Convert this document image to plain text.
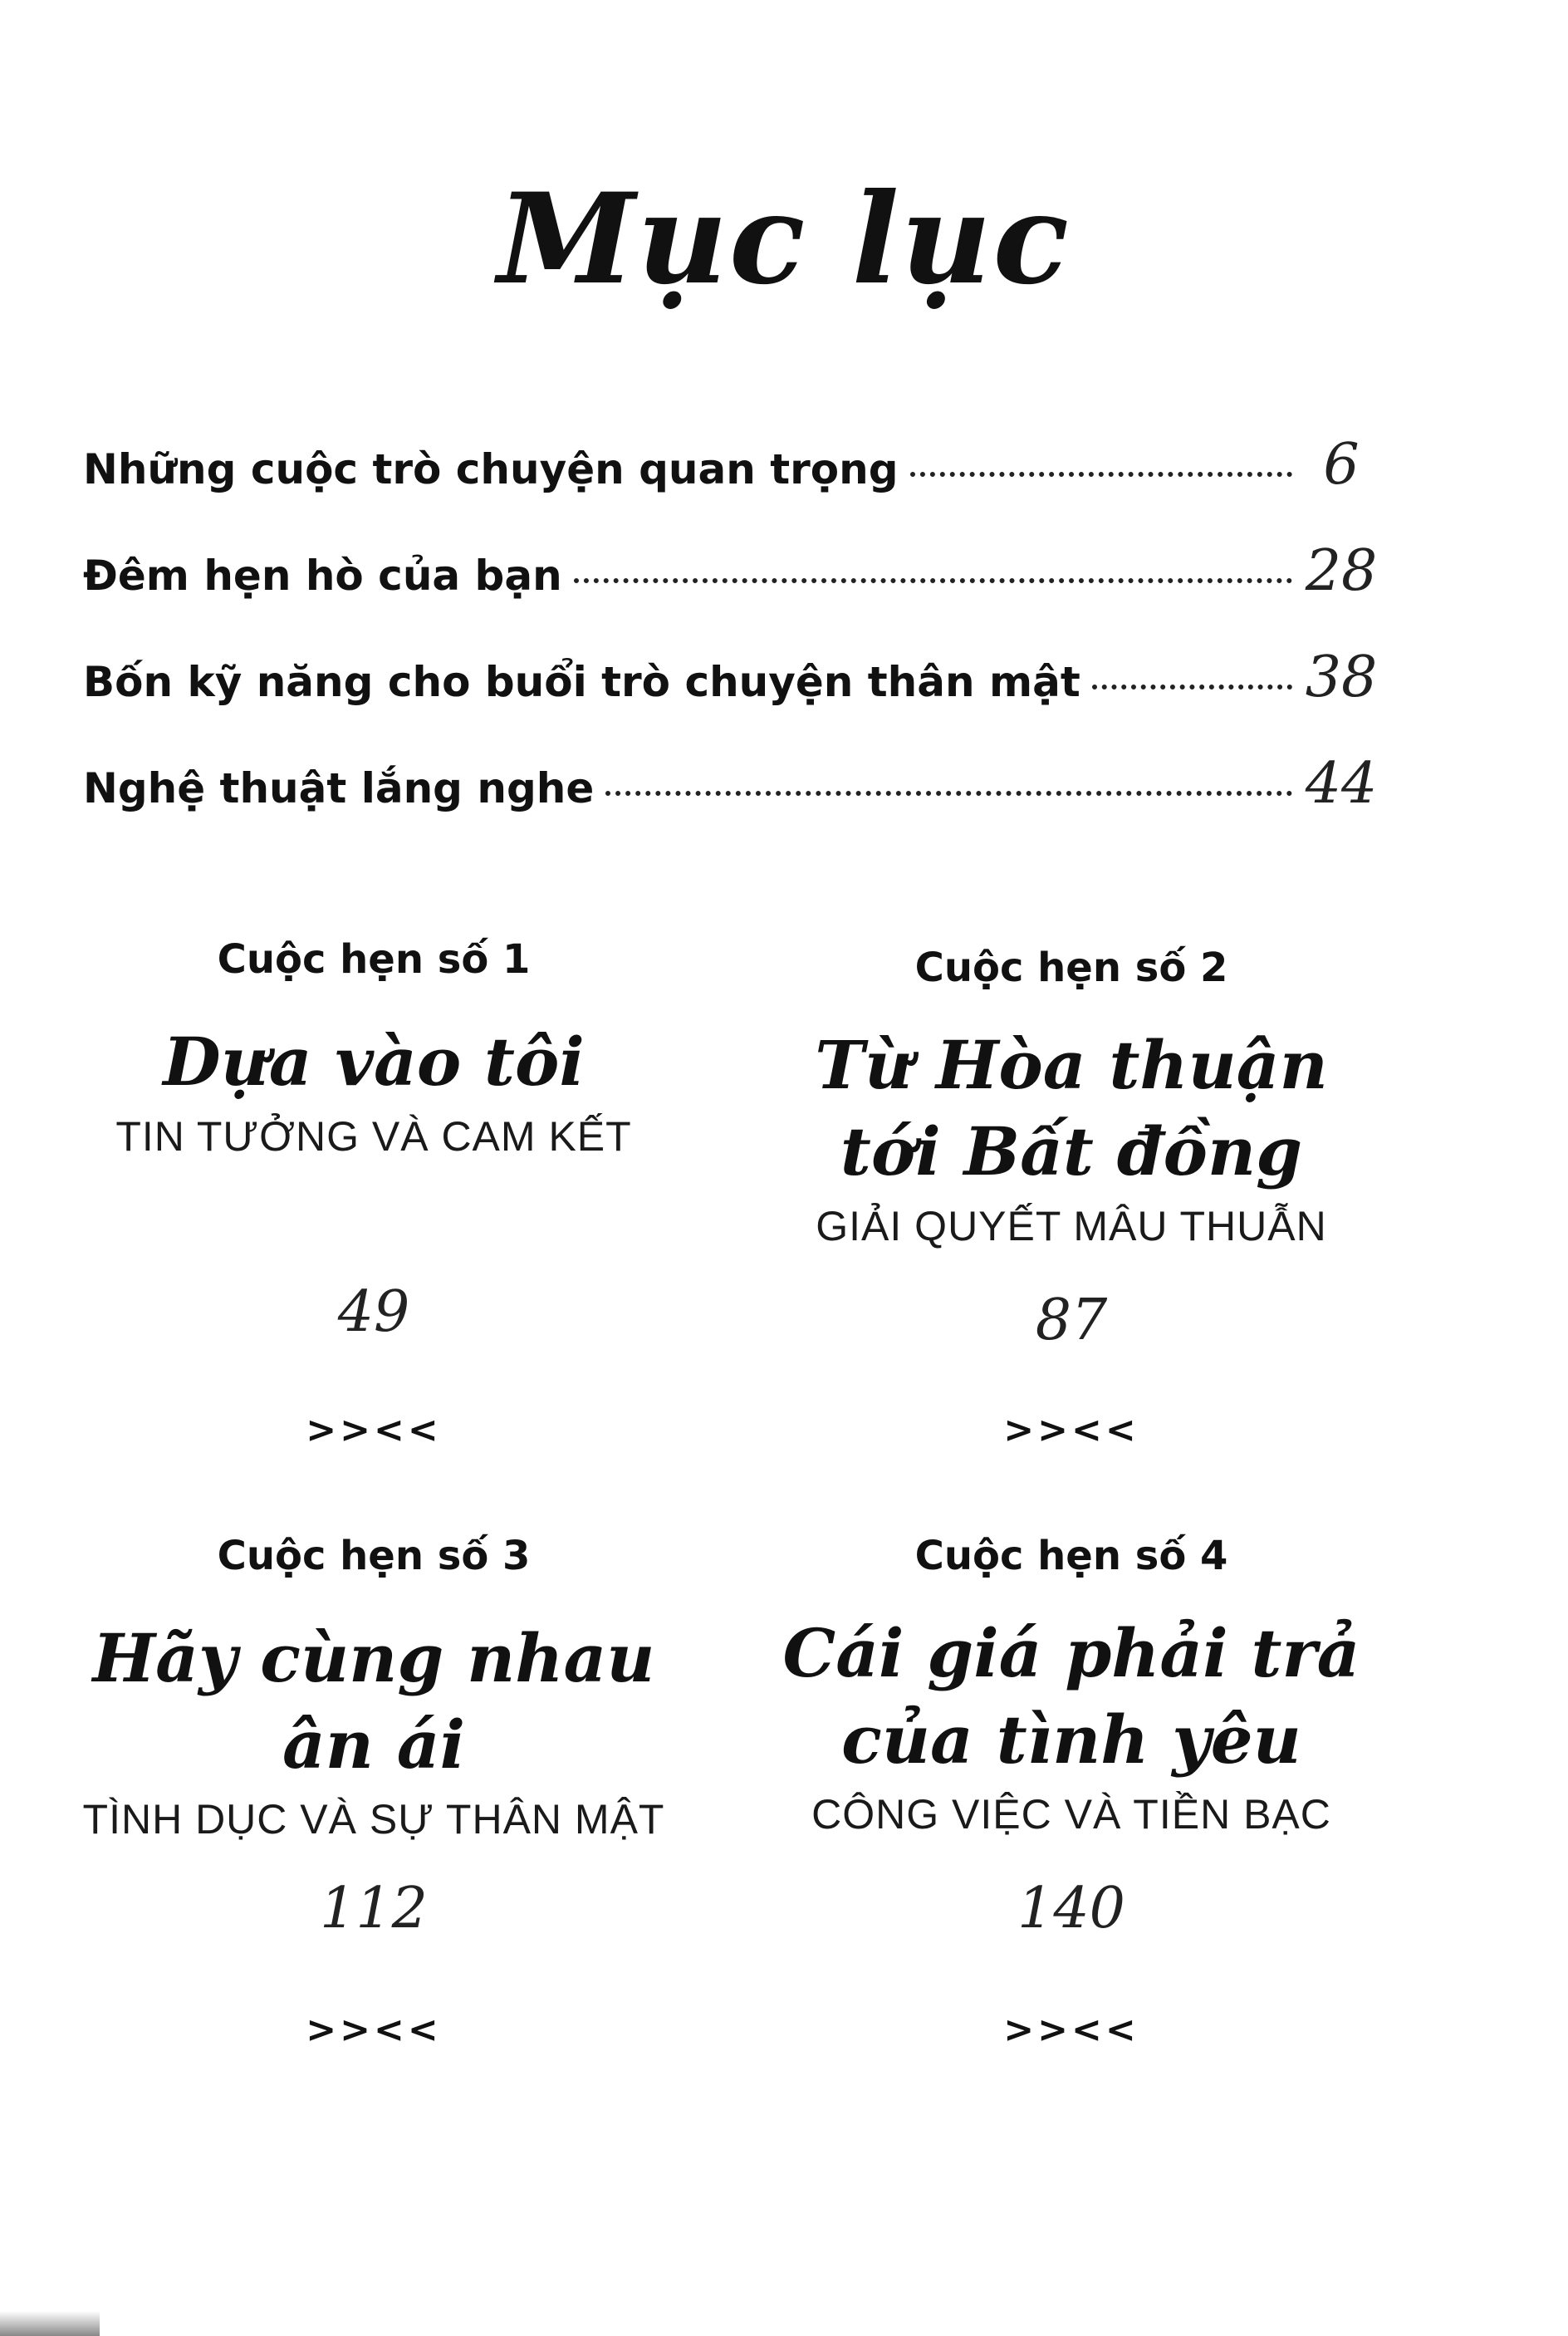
Mục lục
Những cuộc trò chuyện quan trọng	6
Đêm hẹn hò của bạn	28
Bốn kỹ năng cho buổi trò chuyện thân mật	38
Nghệ thuật lắng nghe	44
Cuộc hẹn số 1
Dựa vào tôi
TIN TƯỞNG VÀ CAM KẾT
49
>><<
Cuộc hẹn số 2
Từ Hòa thuận tới Bất đồng
GIẢI QUYẾT MÂU THUẪN
87
>><<
Cuộc hẹn số 3
Hãy cùng nhau ân ái
TÌNH DỤC VÀ SỰ THÂN MẬT
112
>><<
Cuộc hẹn số 4
Cái giá phải trả của tình yêu
CÔNG VIỆC VÀ TIỀN BẠC
140
>><<
